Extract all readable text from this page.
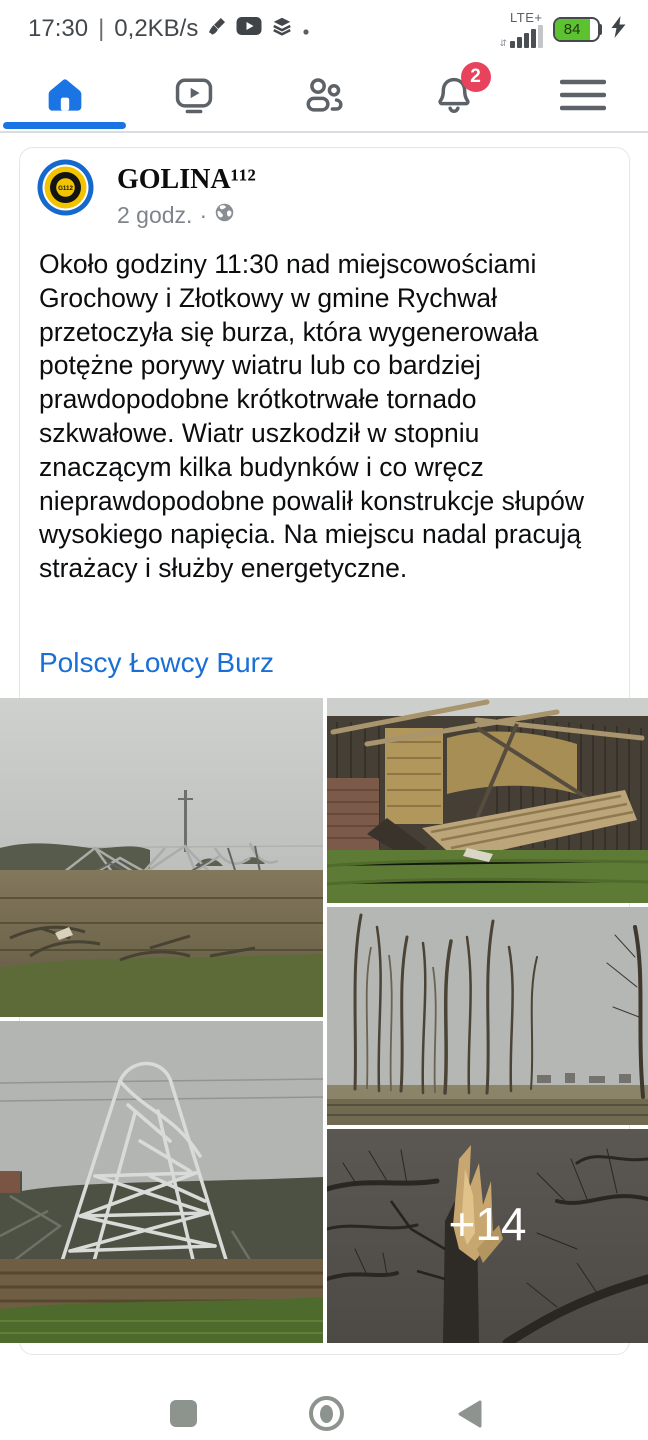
17:30 | 0,2KB/s	LTE+
⇵
84
2
G112 GOLINA¹¹²
2 godz. ·
Około godziny 11:30 nad miejscowościami Grochowy i Złotkowy w gmine Rychwał przetoczyła się burza, która wygenerowała potężne porywy wiatru lub co bardziej prawdopodobne krótkotrwałe tornado szkwałowe. Wiatr uszkodził w stopniu znaczącym kilka budynków i co wręcz nieprawdopodobne powalił konstrukcje słupów wysokiego napięcia. Na miejscu nadal pracują strażacy i służby energetyczne.
Polscy Łowcy Burz
+14
